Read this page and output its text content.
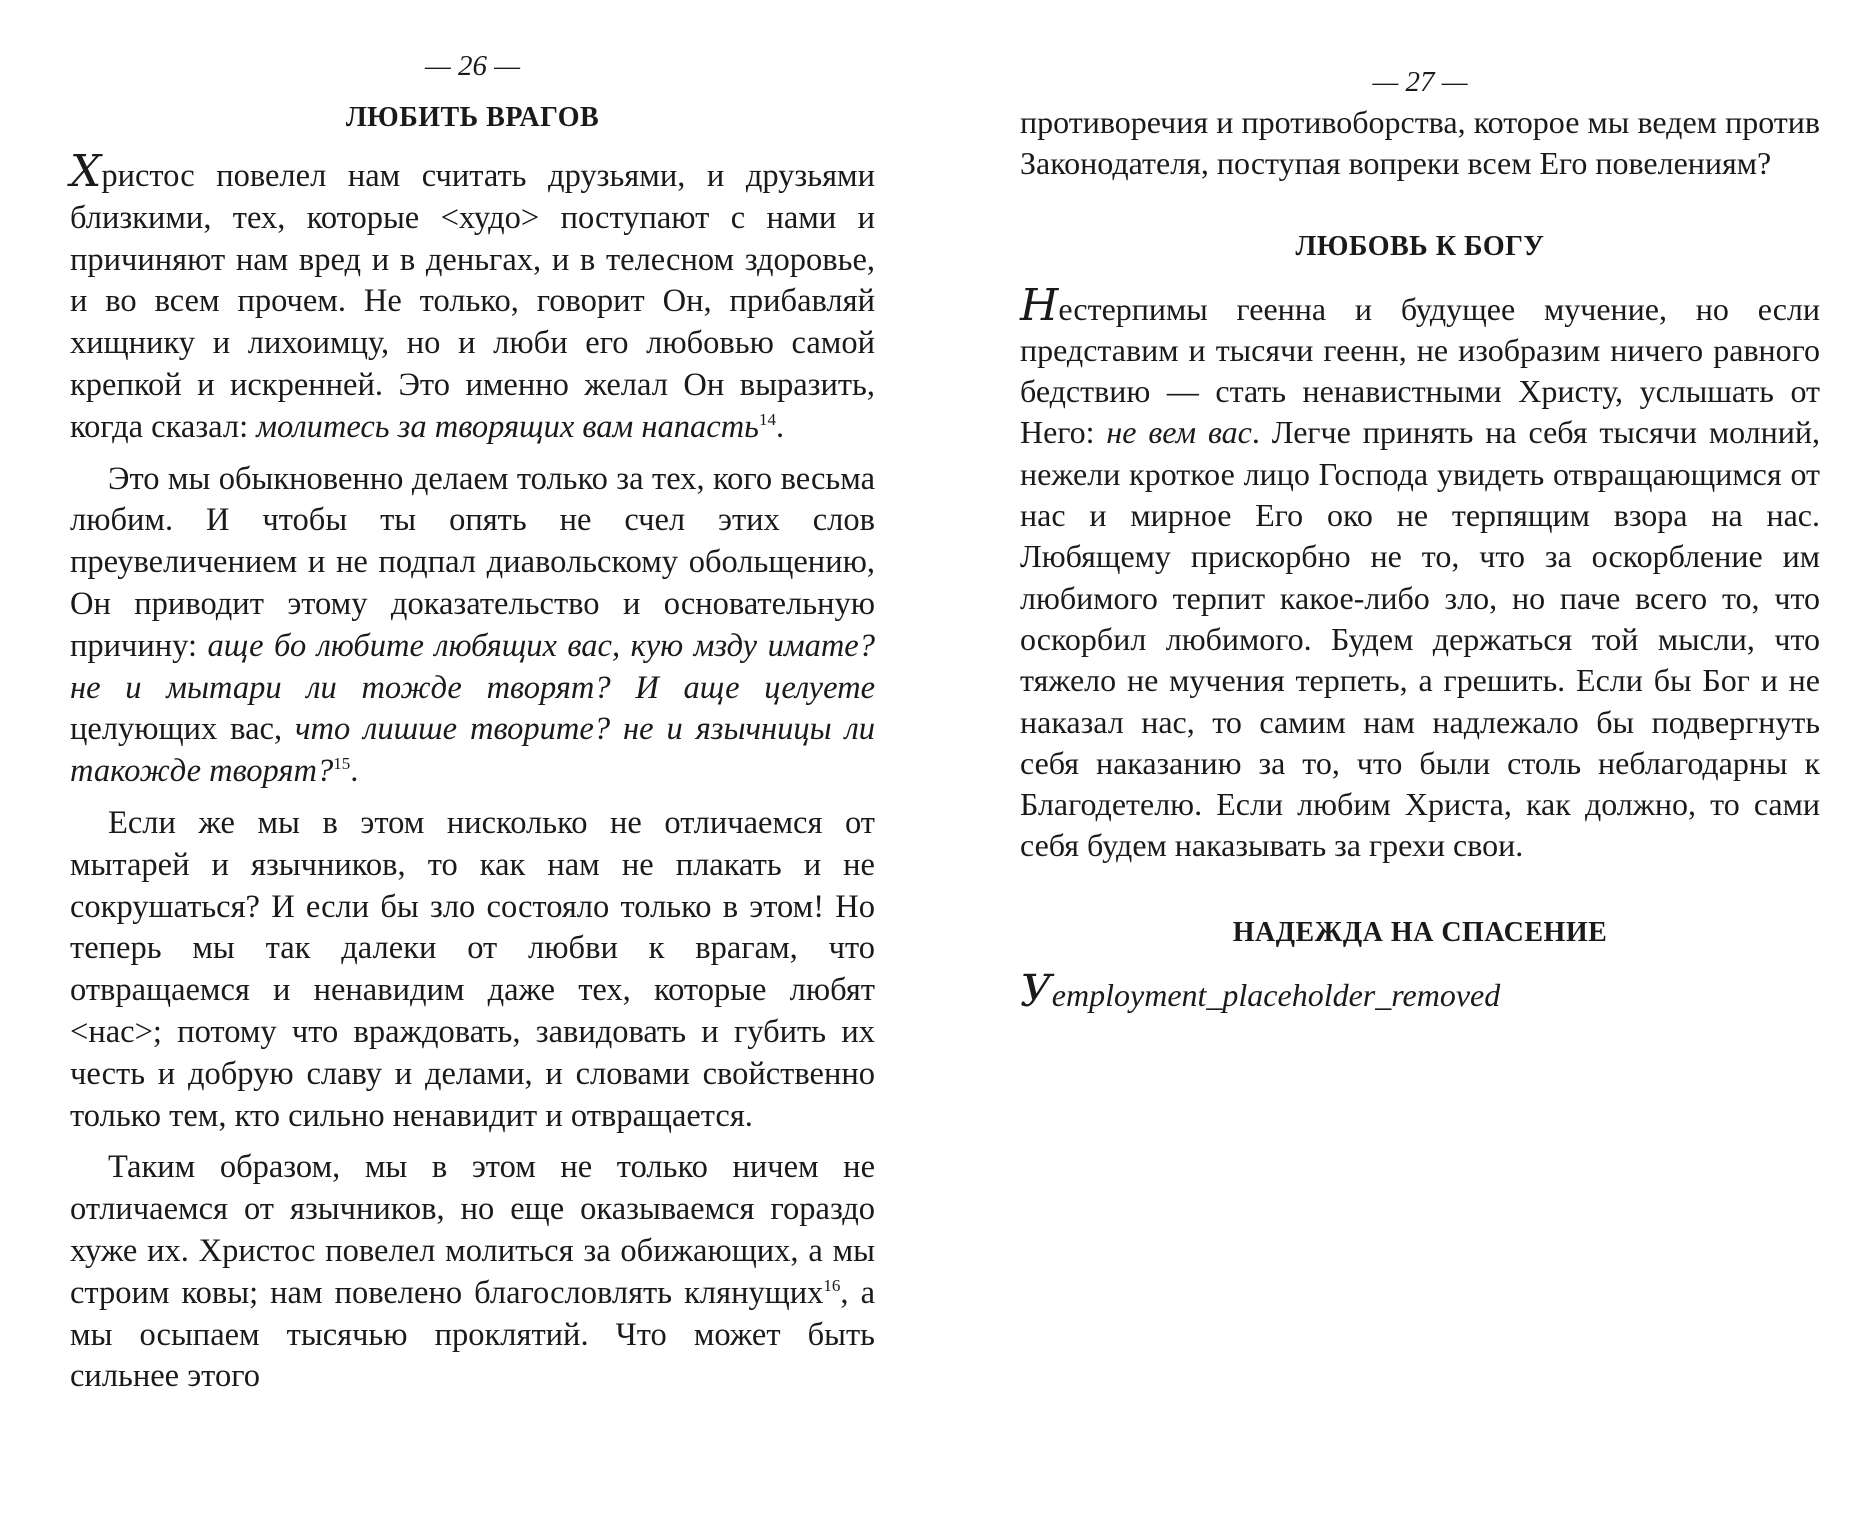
— 26 —
ЛЮБИТЬ ВРАГОВ

Христос повелел нам считать друзьями, и друзьями близкими, тех, которые <худо> поступают с нами и причиняют нам вред и в деньгах, и в телесном здоровье, и во всем прочем. Не только, говорит Он, прибавляй хищнику и лихоимцу, но и люби его любовью самой крепкой и искренней. Это именно желал Он выразить, когда сказал: молитесь за творящих вам напасть$^{14}$.

Это мы обыкновенно делаем только за тех, кого весьма любим. И чтобы ты опять не счел этих слов преувеличением и не подпал диавольскому обольщению, Он приводит этому доказательство и основательную причину: аще бо любите любящих вас, кую мзду имате? не и мытари ли тожде творят? И аще целуете целующих вас, что лишше творите? не и язычницы ли такожде творят?$^{15}$.

Если же мы в этом нисколько не отличаемся от мытарей и язычников, то как нам не плакать и не сокрушаться? И если бы зло состояло только в этом! Но теперь мы так далеки от любви к врагам, что отвращаемся и ненавидим даже тех, которые любят <нас>; потому что враждовать, завидовать и губить их честь и добрую славу и делами, и словами свойственно только тем, кто сильно ненавидит и отвращается.

Таким образом, мы в этом не только ничем не отличаемся от язычников, но еще оказываемся гораздо хуже их. Христос повелел молиться за обижающих, а мы строим ковы; нам повелено благословлять клянущих$^{16}$, а мы осыпаем тысячью проклятий. Что может быть сильнее этого

— 27 —

противоречия и противоборства, которое мы ведем против Законодателя, поступая вопреки всем Его повелениям?

ЛЮБОВЬ К БОГУ

Нестерпимы геенна и будущее мучение, но если представим и тысячи геенн, не изобразим ничего равного бедствию — стать ненавистными Христу, услышать от Него: не вем вас. Легче принять на себя тысячи молний, нежели кроткое лицо Господа увидеть отвращающимся от нас и мирное Его око не терпящим взора на нас. Любящему прискорбно не то, что за оскорбление им любимого терпит какое-либо зло, но паче всего то, что оскорбил любимого. Будем держаться той мысли, что тяжело не мучения терпеть, а грешить. Если бы Бог и не наказал нас, то самим нам надлежало бы подвергнуть себя наказанию за то, что были столь неблагодарны к Благодетелю. Если любим Христа, как должно, то сами себя будем наказывать за грехи свои.

НАДЕЖДА НА СПАСЕНИЕ

Уemployment_placeholder_removed
